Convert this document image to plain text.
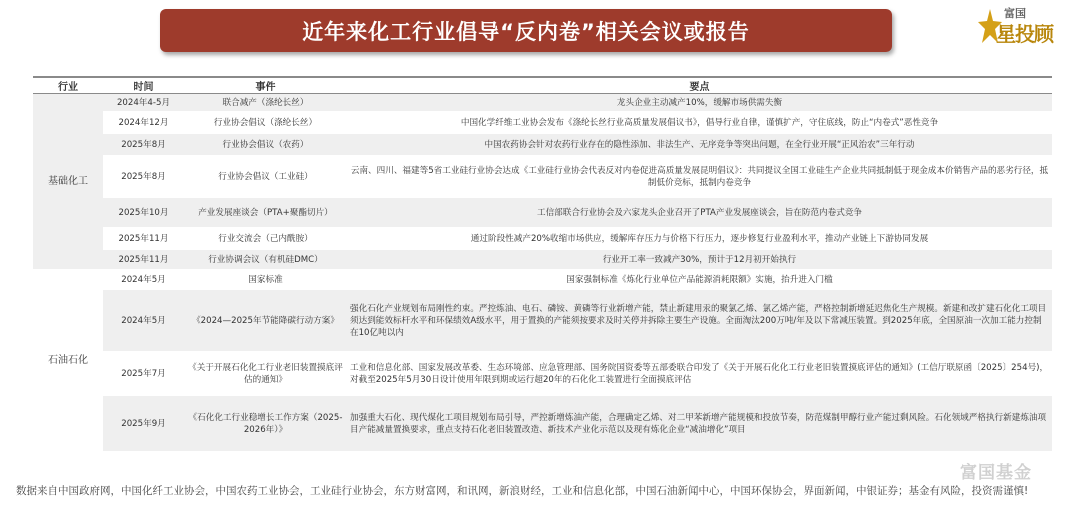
近年来化工行业倡导“反内卷”相关会议或报告
富国
星投顾
行业	时间	事件	要点
基础化工	2024年4-5月	联合减产（涤纶长丝）	龙头企业主动减产10%，缓解市场供需失衡
	2024年12月	行业协会倡议（涤纶长丝）	中国化学纤维工业协会发布《涤纶长丝行业高质量发展倡议书》，倡导行业自律，谨慎扩产，守住底线，防止“内卷式”恶性竞争
	2025年8月	行业协会倡议（农药）	中国农药协会针对农药行业存在的隐性添加、非法生产、无序竞争等突出问题，在全行业开展“正风治农”三年行动
	2025年8月	行业协会倡议（工业硅）	云南、四川、福建等5省工业硅行业协会达成《工业硅行业协会代表反对内卷促进高质量发展昆明倡议》：共同提议全国工业硅生产企业共同抵制低于现金成本价销售产品的恶劣行径，抵制低价竞标，抵制内卷竞争
	2025年10月	产业发展座谈会（PTA+聚酯切片）	工信部联合行业协会及六家龙头企业召开了PTA产业发展座谈会，旨在防范内卷式竞争
	2025年11月	行业交流会（己内酰胺）	通过阶段性减产20%收缩市场供应，缓解库存压力与价格下行压力，逐步修复行业盈利水平，推动产业链上下游协同发展
	2025年11月	行业协调会议（有机硅DMC）	行业开工率一致减产30%，预计于12月初开始执行
石油石化	2024年5月	国家标准	国家强制标准《炼化行业单位产品能源消耗限额》实施，抬升进入门槛
	2024年5月	《2024—2025年节能降碳行动方案》	强化石化产业规划布局刚性约束。严控炼油、电石、磷铵、黄磷等行业新增产能，禁止新建用汞的聚氯乙烯、氯乙烯产能，严格控制新增延迟焦化生产规模。新建和改扩建石化化工项目须达到能效标杆水平和环保绩效A级水平，用于置换的产能须按要求及时关停并拆除主要生产设施。全面淘汰200万吨/年及以下常减压装置。到2025年底，全国原油一次加工能力控制在10亿吨以内
	2025年7月	《关于开展石化化工行业老旧装置摸底评估的通知》	工业和信息化部、国家发展改革委、生态环境部、应急管理部、国务院国资委等五部委联合印发了《关于开展石化化工行业老旧装置摸底评估的通知》(工信厅联原函〔2025〕254号)，对截至2025年5月30日设计使用年限到期或运行超20年的石化化工装置进行全面摸底评估
	2025年9月	《石化化工行业稳增长工作方案（2025-2026年）》	加强重大石化、现代煤化工项目规划布局引导，严控新增炼油产能，合理确定乙烯、对二甲苯新增产能规模和投放节奏，防范煤制甲醇行业产能过剩风险。石化领域严格执行新建炼油项目产能减量置换要求，重点支持石化老旧装置改造、新技术产业化示范以及现有炼化企业“减油增化”项目
富国基金
数据来自中国政府网，中国化纤工业协会，中国农药工业协会，工业硅行业协会，东方财富网，和讯网，新浪财经，工业和信息化部，中国石油新闻中心，中国环保协会，界面新闻，中银证券；基金有风险，投资需谨慎!
